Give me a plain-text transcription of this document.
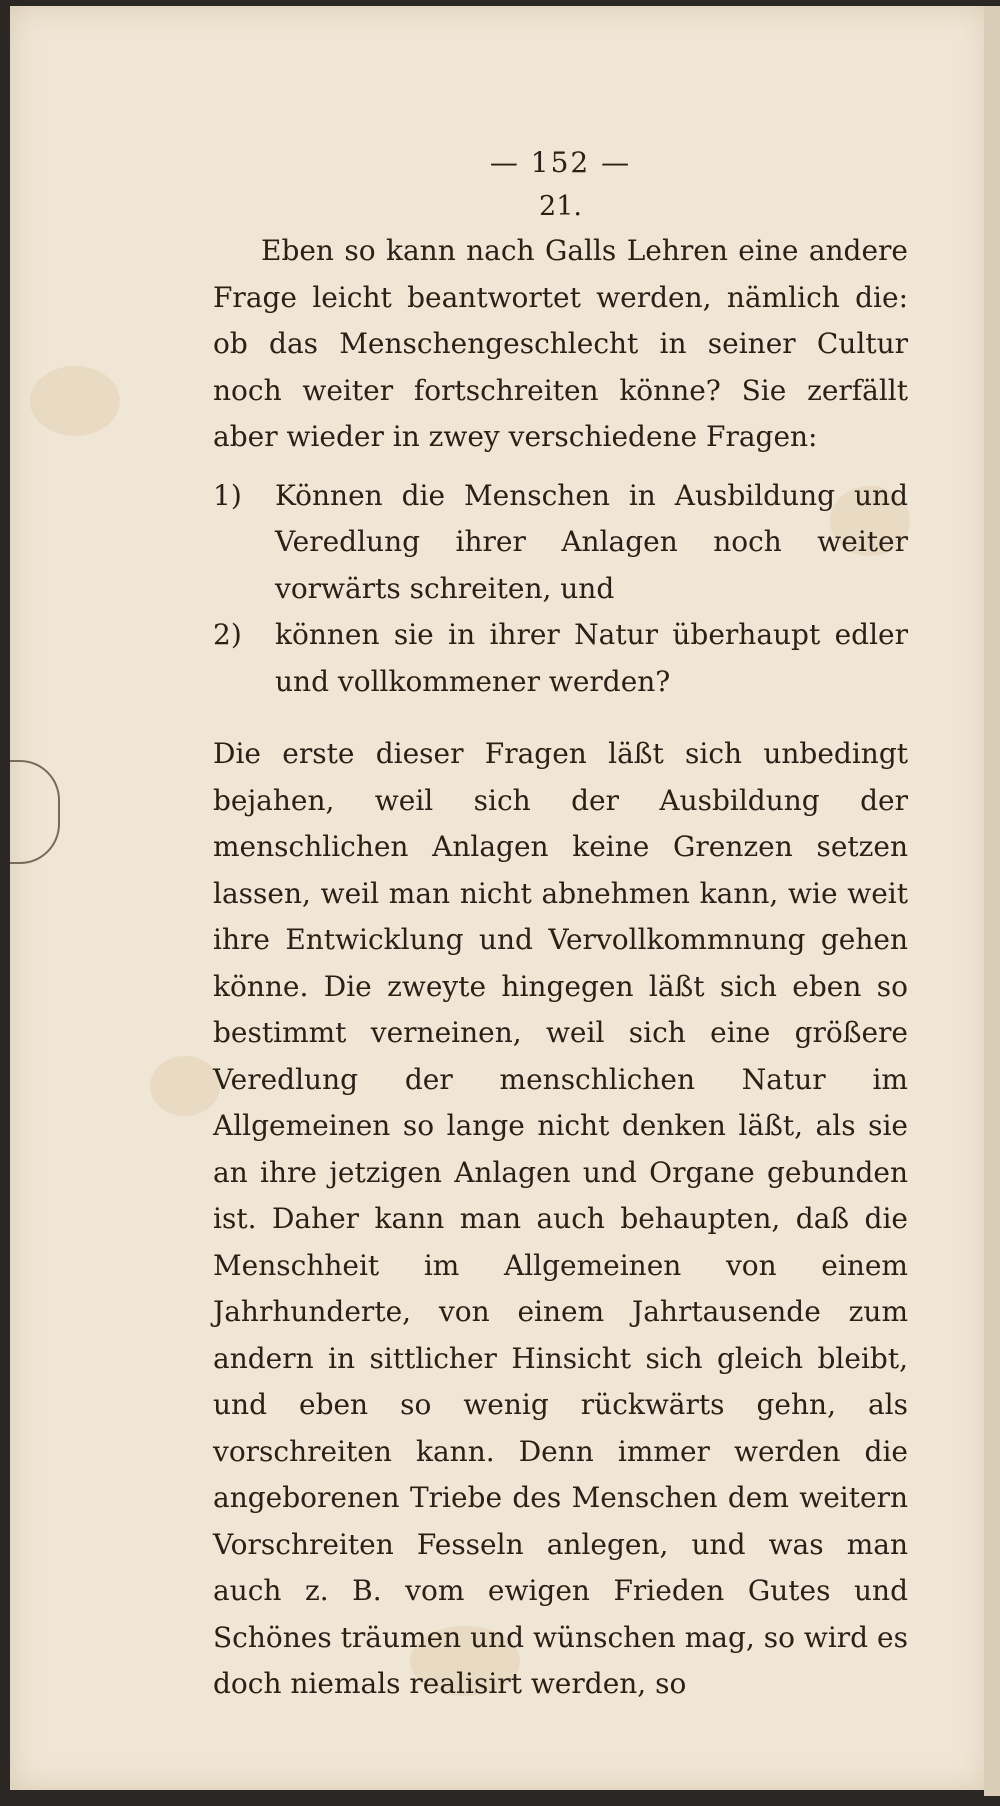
— 152 —
21.

Eben so kann nach Galls Lehren eine andere Frage leicht beantwortet werden, nämlich die: ob das Menschengeschlecht in seiner Cultur noch weiter fortschreiten könne? Sie zerfällt aber wieder in zwey verschiedene Fragen:

1)	Können die Menschen in Ausbildung und Veredlung ihrer Anlagen noch weiter vorwärts schreiten, und
2)	können sie in ihrer Natur überhaupt edler und vollkommener werden?

Die erste dieser Fragen läßt sich unbedingt bejahen, weil sich der Ausbildung der menschlichen Anlagen keine Grenzen setzen lassen, weil man nicht abnehmen kann, wie weit ihre Entwicklung und Vervollkommnung gehen könne. Die zweyte hingegen läßt sich eben so bestimmt verneinen, weil sich eine größere Veredlung der menschlichen Natur im Allgemeinen so lange nicht denken läßt, als sie an ihre jetzigen Anlagen und Organe gebunden ist. Daher kann man auch behaupten, daß die Menschheit im Allgemeinen von einem Jahrhunderte, von einem Jahrtausende zum andern in sittlicher Hinsicht sich gleich bleibt, und eben so wenig rückwärts gehn, als vorschreiten kann. Denn immer werden die angeborenen Triebe des Menschen dem weitern Vorschreiten Fesseln anlegen, und was man auch z. B. vom ewigen Frieden Gutes und Schönes träumen und wünschen mag, so wird es doch niemals realisirt werden, so
